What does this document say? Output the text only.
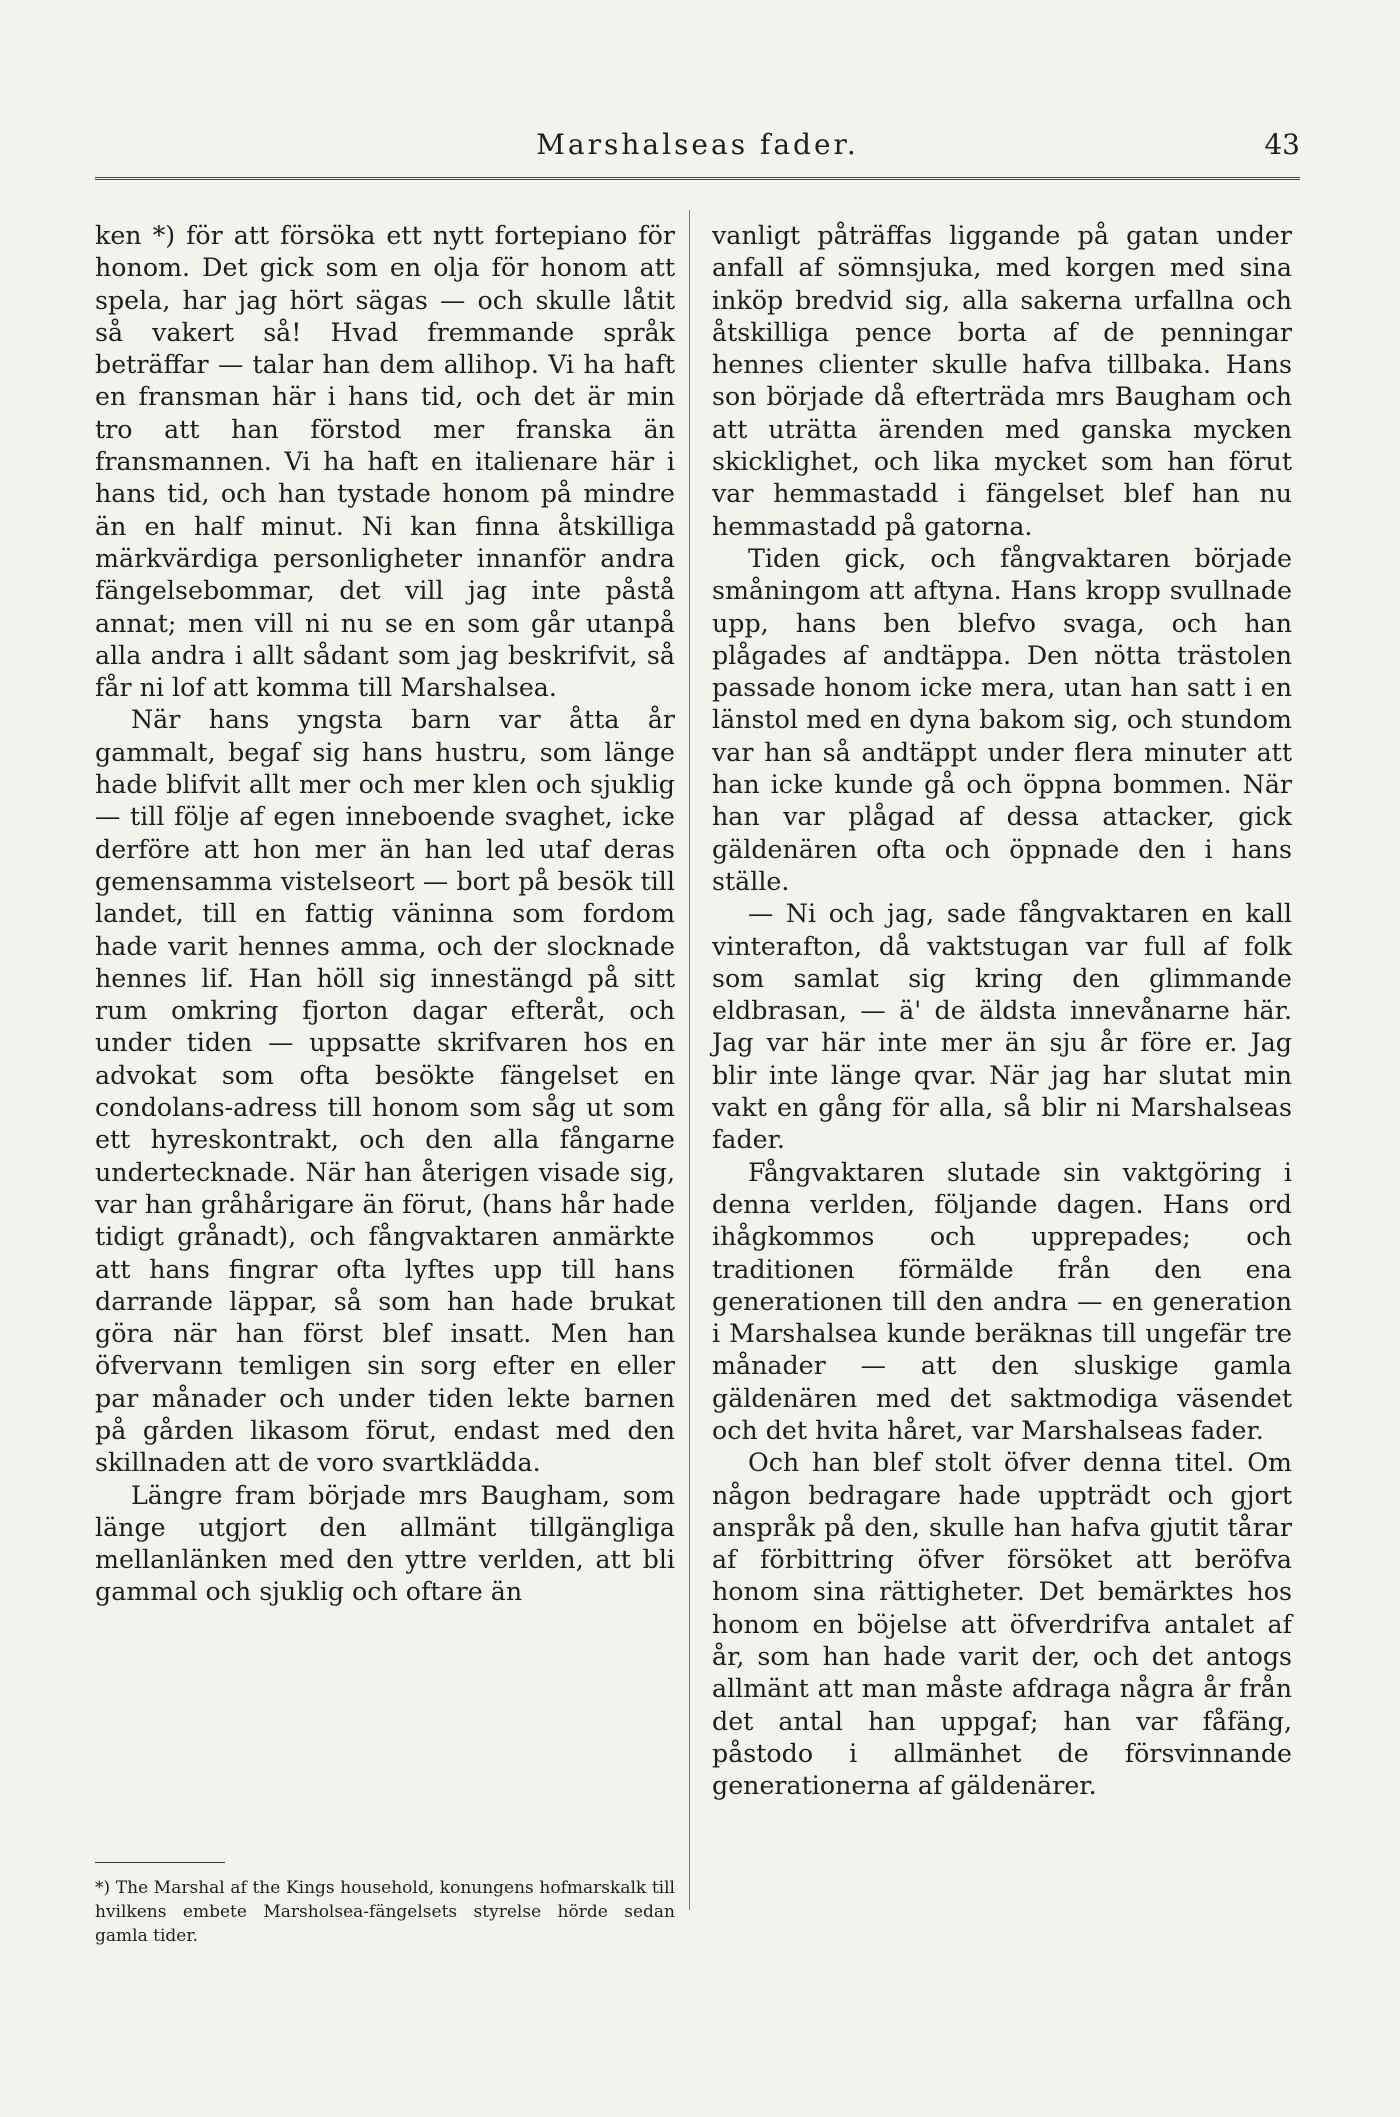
Marshalseas fader.	43

ken *) för att försöka ett nytt fortepiano för honom. Det gick som en olja för honom att spela, har jag hört sägas — och skulle låtit så vakert så! Hvad fremmande språk beträffar — talar han dem allihop. Vi ha haft en fransman här i hans tid, och det är min tro att han förstod mer franska än fransmannen. Vi ha haft en italienare här i hans tid, och han tystade honom på mindre än en half minut. Ni kan finna åtskilliga märkvärdiga personligheter innanför andra fängelsebommar, det vill jag inte påstå annat; men vill ni nu se en som går utanpå alla andra i allt sådant som jag beskrifvit, så får ni lof att komma till Marshalsea.

När hans yngsta barn var åtta år gammalt, begaf sig hans hustru, som länge hade blifvit allt mer och mer klen och sjuklig — till följe af egen inneboende svaghet, icke derföre att hon mer än han led utaf deras gemensamma vistelseort — bort på besök till landet, till en fattig väninna som fordom hade varit hennes amma, och der slocknade hennes lif. Han höll sig innestängd på sitt rum omkring fjorton dagar efteråt, och under tiden — uppsatte skrifvaren hos en advokat som ofta besökte fängelset en condolans-adress till honom som såg ut som ett hyreskontrakt, och den alla fångarne undertecknade. När han återigen visade sig, var han gråhårigare än förut, (hans hår hade tidigt grånadt), och fångvaktaren anmärkte att hans fingrar ofta lyftes upp till hans darrande läppar, så som han hade brukat göra när han först blef insatt. Men han öfvervann temligen sin sorg efter en eller par månader och under tiden lekte barnen på gården likasom förut, endast med den skillnaden att de voro svartklädda.

Längre fram började mrs Baugham, som länge utgjort den allmänt tillgängliga mellanlänken med den yttre verlden, att bli gammal och sjuklig och oftare än

vanligt påträffas liggande på gatan under anfall af sömnsjuka, med korgen med sina inköp bredvid sig, alla sakerna urfallna och åtskilliga pence borta af de penningar hennes clienter skulle hafva tillbaka. Hans son började då efterträda mrs Baugham och att uträtta ärenden med ganska mycken skicklighet, och lika mycket som han förut var hemmastadd i fängelset blef han nu hemmastadd på gatorna.

Tiden gick, och fångvaktaren började småningom att aftyna. Hans kropp svullnade upp, hans ben blefvo svaga, och han plågades af andtäppa. Den nötta trästolen passade honom icke mera, utan han satt i en länstol med en dyna bakom sig, och stundom var han så andtäppt under flera minuter att han icke kunde gå och öppna bommen. När han var plågad af dessa attacker, gick gäldenären ofta och öppnade den i hans ställe.

— Ni och jag, sade fångvaktaren en kall vinterafton, då vaktstugan var full af folk som samlat sig kring den glimmande eldbrasan, — ä' de äldsta innevånarne här. Jag var här inte mer än sju år före er. Jag blir inte länge qvar. När jag har slutat min vakt en gång för alla, så blir ni Marshalseas fader.

Fångvaktaren slutade sin vaktgöring i denna verlden, följande dagen. Hans ord ihågkommos och upprepades; och traditionen förmälde från den ena generationen till den andra — en generation i Marshalsea kunde beräknas till ungefär tre månader — att den sluskige gamla gäldenären med det saktmodiga väsendet och det hvita håret, var Marshalseas fader.

Och han blef stolt öfver denna titel. Om någon bedragare hade uppträdt och gjort anspråk på den, skulle han hafva gjutit tårar af förbittring öfver försöket att beröfva honom sina rättigheter. Det bemärktes hos honom en böjelse att öfverdrifva antalet af år, som han hade varit der, och det antogs allmänt att man måste afdraga några år från det antal han uppgaf; han var fåfäng, påstodo i allmänhet de försvinnande generationerna af gäldenärer.

*) The Marshal af the Kings household, konungens hofmarskalk till hvilkens embete Marsholsea-fängelsets styrelse hörde sedan gamla tider.
